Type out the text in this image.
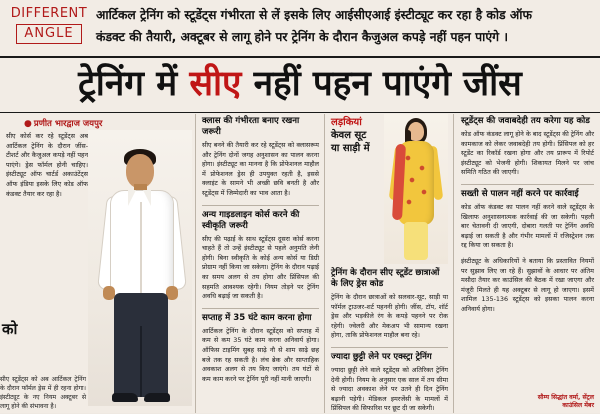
DIFFERENT
ANGLE
आर्टिकल ट्रेनिंग को स्टूडेंट्स गंभीरता से लें इसके लिए आईसीएआई इंस्टीट्यूट कर रहा है कोड ऑफ
कंडक्ट की तैयारी, अक्टूबर से लागू होने पर ट्रेनिंग के दौरान कैजुअल कपड़े नहीं पहन पाएंगे ।
ट्रेनिंग में सीए नहीं पहन पाएंगे जींस
● प्रणीत भारद्वाज जयपुर
सीए कोर्स कर रहे स्टूडेंट्स अब आर्टिकल ट्रेनिंग के दौरान जींस-टीशर्ट और कैजुअल कपड़े नहीं पहन पाएंगे। ड्रेस फॉर्मल होनी चाहिए। इंस्टीट्यूट ऑफ चार्टर्ड अकाउंटेंट्स ऑफ इंडिया इसके लिए कोड ऑफ कंडक्ट तैयार कर रहा है।
को
सीए स्टूडेंट्स को अब आर्टिकल ट्रेनिंग के दौरान फॉर्मल ड्रेस में ही रहना होगा। इंस्टीट्यूट के नए नियम अक्टूबर से लागू होने की संभावना है।
क्लास की गंभीरता बनाए रखना जरूरी
सीए बनने की तैयारी कर रहे स्टूडेंट्स को क्लासरूम और ट्रेनिंग दोनों जगह अनुशासन का पालन करना होगा। इंस्टीट्यूट का मानना है कि प्रोफेशनल माहौल में प्रोफेशनल ड्रेस ही उपयुक्त रहती है, इससे क्लाइंट के सामने भी अच्छी छवि बनती है और स्टूडेंट्स में जिम्मेदारी का भाव आता है।
अन्य गाइडलाइन कोर्स करने की स्वीकृति जरूरी
सीए की पढ़ाई के साथ स्टूडेंट्स दूसरा कोर्स करना चाहते हैं तो उन्हें इंस्टीट्यूट से पहले अनुमति लेनी होगी। बिना स्वीकृति के कोई अन्य कोर्स या डिग्री प्रोग्राम नहीं किया जा सकेगा। ट्रेनिंग के दौरान पढ़ाई का समय अलग से तय होगा और प्रिंसिपल की सहमति आवश्यक रहेगी। नियम तोड़ने पर ट्रेनिंग अवधि बढ़ाई जा सकती है।
सप्ताह में 35 घंटे काम करना होगा
आर्टिकल ट्रेनिंग के दौरान स्टूडेंट्स को सप्ताह में कम से कम 35 घंटे काम करना अनिवार्य होगा। ऑफिस टाइमिंग सुबह साढ़े नौ से शाम साढ़े छह बजे तक रह सकती है। लंच ब्रेक और साप्ताहिक अवकाश अलग से तय किए जाएंगे। तय घंटों से कम काम करने पर ट्रेनिंग पूरी नहीं मानी जाएगी।
लड़कियां
केवल सूट
या साड़ी में
ट्रेनिंग के दौरान सीए स्टूडेंट छात्राओं के लिए ड्रेस कोड
ट्रेनिंग के दौरान छात्राओं को सलवार-सूट, साड़ी या फॉर्मल ट्राउजर-शर्ट पहननी होगी। जींस, टॉप, शॉर्ट ड्रेस और भड़कीले रंग के कपड़े पहनने पर रोक रहेगी। ज्वेलरी और मेकअप भी सामान्य रखना होगा, ताकि प्रोफेशनल माहौल बना रहे।
ज्यादा छुट्टी लेने पर एक्स्ट्रा ट्रेनिंग
ज्यादा छुट्टी लेने वाले स्टूडेंट्स को अतिरिक्त ट्रेनिंग देनी होगी। नियम के अनुसार एक साल में तय सीमा से ज्यादा अवकाश लेने पर उतने ही दिन ट्रेनिंग बढ़ानी पड़ेगी। मेडिकल इमरजेंसी के मामलों में प्रिंसिपल की सिफारिश पर छूट दी जा सकेगी।
स्टूडेंट्स की जवाबदेही तय करेगा यह कोड
कोड ऑफ कंडक्ट लागू होने के बाद स्टूडेंट्स की ट्रेनिंग और कामकाज को लेकर जवाबदेही तय होगी। प्रिंसिपल को हर स्टूडेंट का रिकॉर्ड रखना होगा और तय प्रारूप में रिपोर्ट इंस्टीट्यूट को भेजनी होगी। शिकायत मिलने पर जांच समिति गठित की जाएगी।
सख्ती से पालन नहीं करने पर कार्रवाई
कोड ऑफ कंडक्ट का पालन नहीं करने वाले स्टूडेंट्स के खिलाफ अनुशासनात्मक कार्रवाई की जा सकेगी। पहली बार चेतावनी दी जाएगी, दोबारा गलती पर ट्रेनिंग अवधि बढ़ाई जा सकती है और गंभीर मामलों में रजिस्ट्रेशन तक रद्द किया जा सकता है।
इंस्टीट्यूट के अधिकारियों ने बताया कि प्रस्तावित नियमों पर सुझाव लिए जा रहे हैं। सुझावों के आधार पर अंतिम मसौदा तैयार कर काउंसिल की बैठक में रखा जाएगा और मंजूरी मिलते ही यह अक्टूबर से लागू हो जाएगा। इसमें शामिल 135-136 स्टूडेंट्स को इसका पालन करना अनिवार्य होगा।
सौम्य सिद्धांत वर्मा, सेंट्रल
काउंसिल मेंबर
